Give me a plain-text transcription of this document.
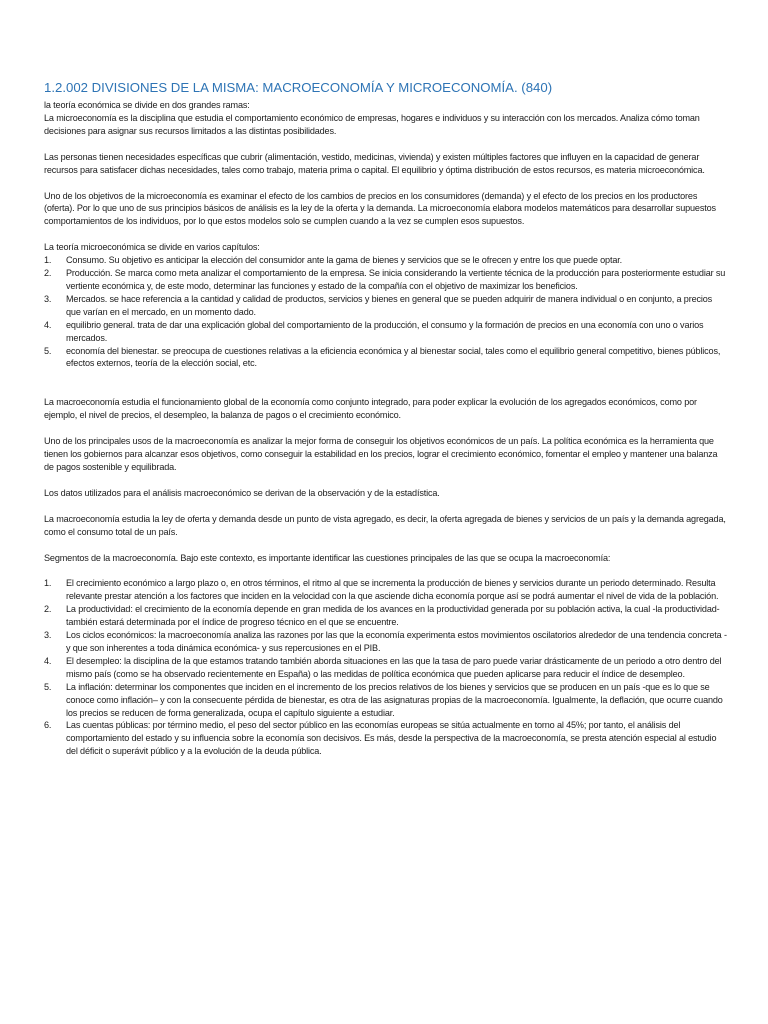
1.2.002 DIVISIONES DE LA MISMA: MACROECONOMÍA Y MICROECONOMÍA. (840)

la teoría económica se divide en dos grandes ramas:

La microeconomía es la disciplina que estudia el comportamiento económico de empresas, hogares e individuos y su interacción con los mercados. Analiza cómo toman decisiones para asignar sus recursos limitados a las distintas posibilidades.

Las personas tienen necesidades específicas que cubrir (alimentación, vestido, medicinas, vivienda) y existen múltiples factores que influyen en la capacidad de generar recursos para satisfacer dichas necesidades, tales como trabajo, materia prima o capital. El equilibrio y óptima distribución de estos recursos, es materia microeconómica.

Uno de los objetivos de la microeconomía es examinar el efecto de los cambios de precios en los consumidores (demanda) y el efecto de los precios en los productores (oferta). Por lo que uno de sus principios básicos de análisis es la ley de la oferta y la demanda. La microeconomía elabora modelos matemáticos para desarrollar supuestos comportamientos de los individuos, por lo que estos modelos solo se cumplen cuando a la vez se cumplen esos supuestos.

La teoría microeconómica se divide en varios capítulos:

1. Consumo. Su objetivo es anticipar la elección del consumidor ante la gama de bienes y servicios que se le ofrecen y entre los que puede optar.
2. Producción. Se marca como meta analizar el comportamiento de la empresa. Se inicia considerando la vertiente técnica de la producción para posteriormente estudiar su vertiente económica y, de este modo, determinar las funciones y estado de la compañía con el objetivo de maximizar los beneficios.
3. Mercados. se hace referencia a la cantidad y calidad de productos, servicios y bienes en general que se pueden adquirir de manera individual o en conjunto, a precios que varían en el mercado, en un momento dado.
4. equilibrio general. trata de dar una explicación global del comportamiento de la producción, el consumo y la formación de precios en una economía con uno o varios mercados.
5. economía del bienestar. se preocupa de cuestiones relativas a la eficiencia económica y al bienestar social, tales como el equilibrio general competitivo, bienes públicos, efectos externos, teoría de la elección social, etc.

La macroeconomía estudia el funcionamiento global de la economía como conjunto integrado, para poder explicar la evolución de los agregados económicos, como por ejemplo, el nivel de precios, el desempleo, la balanza de pagos o el crecimiento económico.

Uno de los principales usos de la macroeconomía es analizar la mejor forma de conseguir los objetivos económicos de un país. La política económica es la herramienta que tienen los gobiernos para alcanzar esos objetivos, como conseguir la estabilidad en los precios, lograr el crecimiento económico, fomentar el empleo y mantener una balanza de pagos sostenible y equilibrada.

Los datos utilizados para el análisis macroeconómico se derivan de la observación y de la estadística.

La macroeconomía estudia la ley de oferta y demanda desde un punto de vista agregado, es decir, la oferta agregada de bienes y servicios de un país y la demanda agregada, como el consumo total de un país.

Segmentos de la macroeconomía. Bajo este contexto, es importante identificar las cuestiones principales de las que se ocupa la macroeconomía:

1. El crecimiento económico a largo plazo o, en otros términos, el ritmo al que se incrementa la producción de bienes y servicios durante un periodo determinado. Resulta relevante prestar atención a los factores que inciden en la velocidad con la que asciende dicha economía porque así se podrá aumentar el nivel de vida de la población.
2. La productividad: el crecimiento de la economía depende en gran medida de los avances en la productividad generada por su población activa, la cual -la productividad- también estará determinada por el índice de progreso técnico en el que se encuentre.
3. Los ciclos económicos: la macroeconomía analiza las razones por las que la economía experimenta estos movimientos oscilatorios alrededor de una tendencia concreta -y que son inherentes a toda dinámica económica- y sus repercusiones en el PIB.
4. El desempleo: la disciplina de la que estamos tratando también aborda situaciones en las que la tasa de paro puede variar drásticamente de un periodo a otro dentro del mismo país (como se ha observado recientemente en España) o las medidas de política económica que pueden aplicarse para reducir el índice de desempleo.
5. La inflación: determinar los componentes que inciden en el incremento de los precios relativos de los bienes y servicios que se producen en un país -que es lo que se conoce como inflación– y con la consecuente pérdida de bienestar, es otra de las asignaturas propias de la macroeconomía. Igualmente, la deflación, que ocurre cuando los precios se reducen de forma generalizada, ocupa el capítulo siguiente a estudiar.
6. Las cuentas públicas: por término medio, el peso del sector público en las economías europeas se sitúa actualmente en torno al 45%; por tanto, el análisis del comportamiento del estado y su influencia sobre la economía son decisivos. Es más, desde la perspectiva de la macroeconomía, se presta atención especial al estudio del déficit o superávit público y a la evolución de la deuda pública.
